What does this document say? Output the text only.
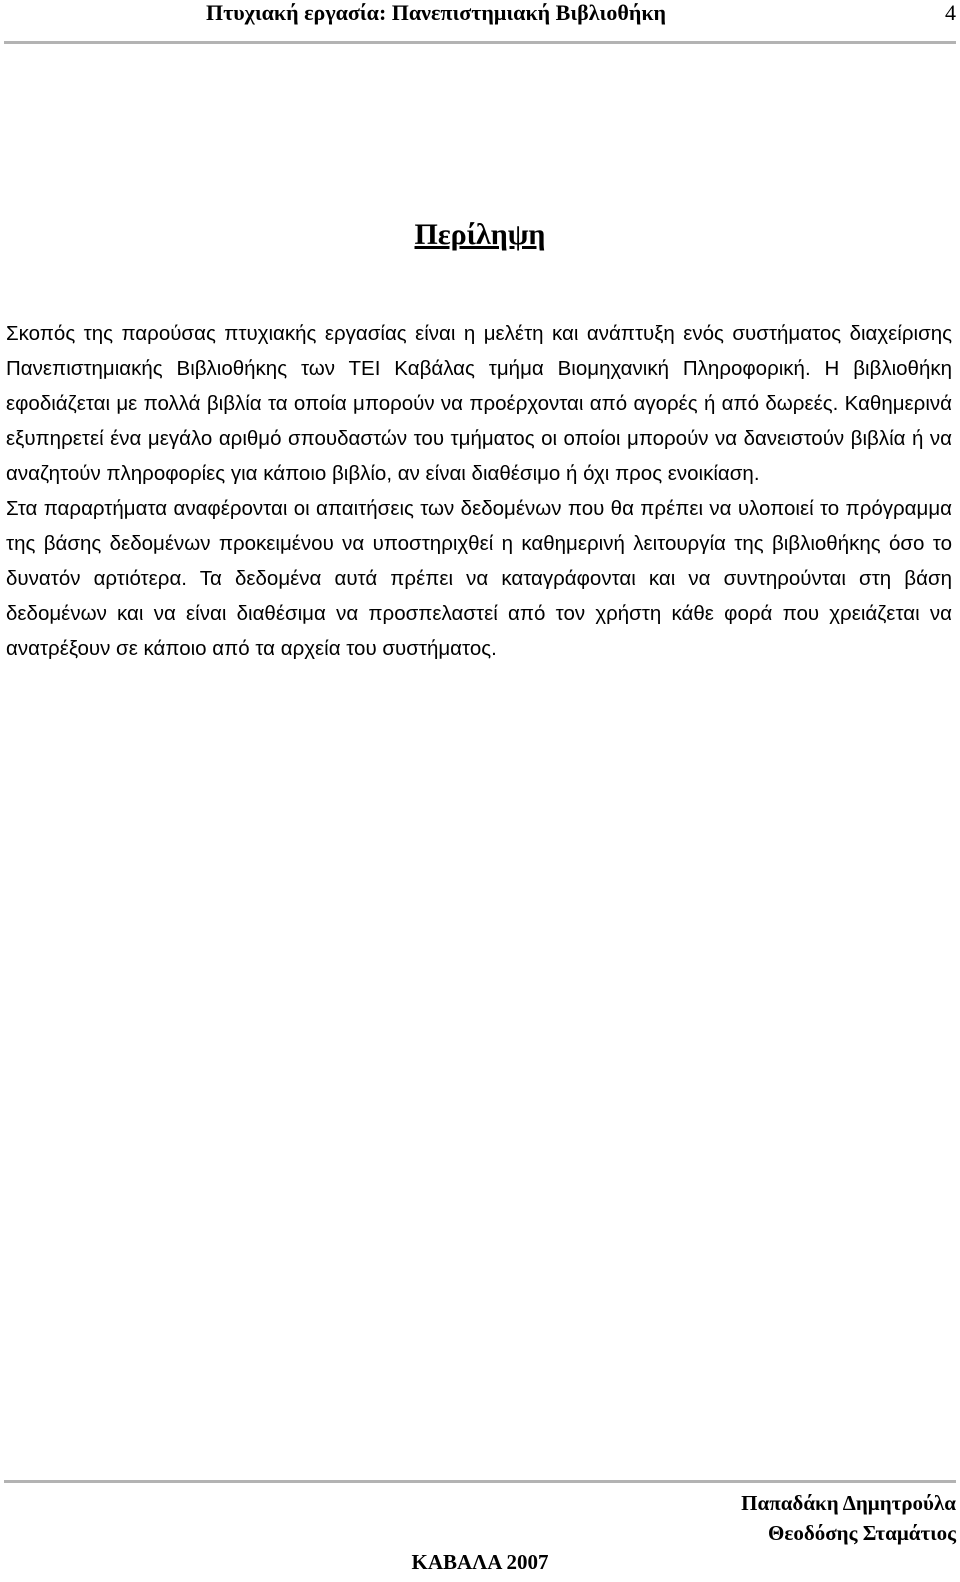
Πτυχιακή εργασία: Πανεπιστημιακή Βιβλιοθήκη	4
Περίληψη

Σκοπός της παρούσας πτυχιακής εργασίας είναι η μελέτη και ανάπτυξη ενός συστήματος διαχείρισης Πανεπιστημιακής Βιβλιοθήκης των ΤΕΙ Καβάλας τμήμα Βιομηχανική Πληροφορική. Η βιβλιοθήκη εφοδιάζεται με πολλά βιβλία τα οποία μπορούν να προέρχονται από αγορές ή από δωρεές. Καθημερινά εξυπηρετεί ένα μεγάλο αριθμό σπουδαστών του τμήματος οι οποίοι μπορούν να δανειστούν βιβλία ή να αναζητούν πληροφορίες για κάποιο βιβλίο, αν είναι διαθέσιμο ή όχι προς ενοικίαση.

Στα παραρτήματα αναφέρονται οι απαιτήσεις των δεδομένων που θα πρέπει να υλοποιεί το πρόγραμμα της βάσης δεδομένων προκειμένου να υποστηριχθεί η καθημερινή λειτουργία της βιβλιοθήκης όσο το δυνατόν αρτιότερα. Τα δεδομένα αυτά πρέπει να καταγράφονται και να συντηρούνται στη βάση δεδομένων και να είναι διαθέσιμα να προσπελαστεί από τον χρήστη κάθε φορά που χρειάζεται να ανατρέξουν σε κάποιο από τα αρχεία του συστήματος.

Παπαδάκη Δημητρούλα
Θεοδόσης Σταμάτιος
ΚΑΒΑΛΑ 2007
